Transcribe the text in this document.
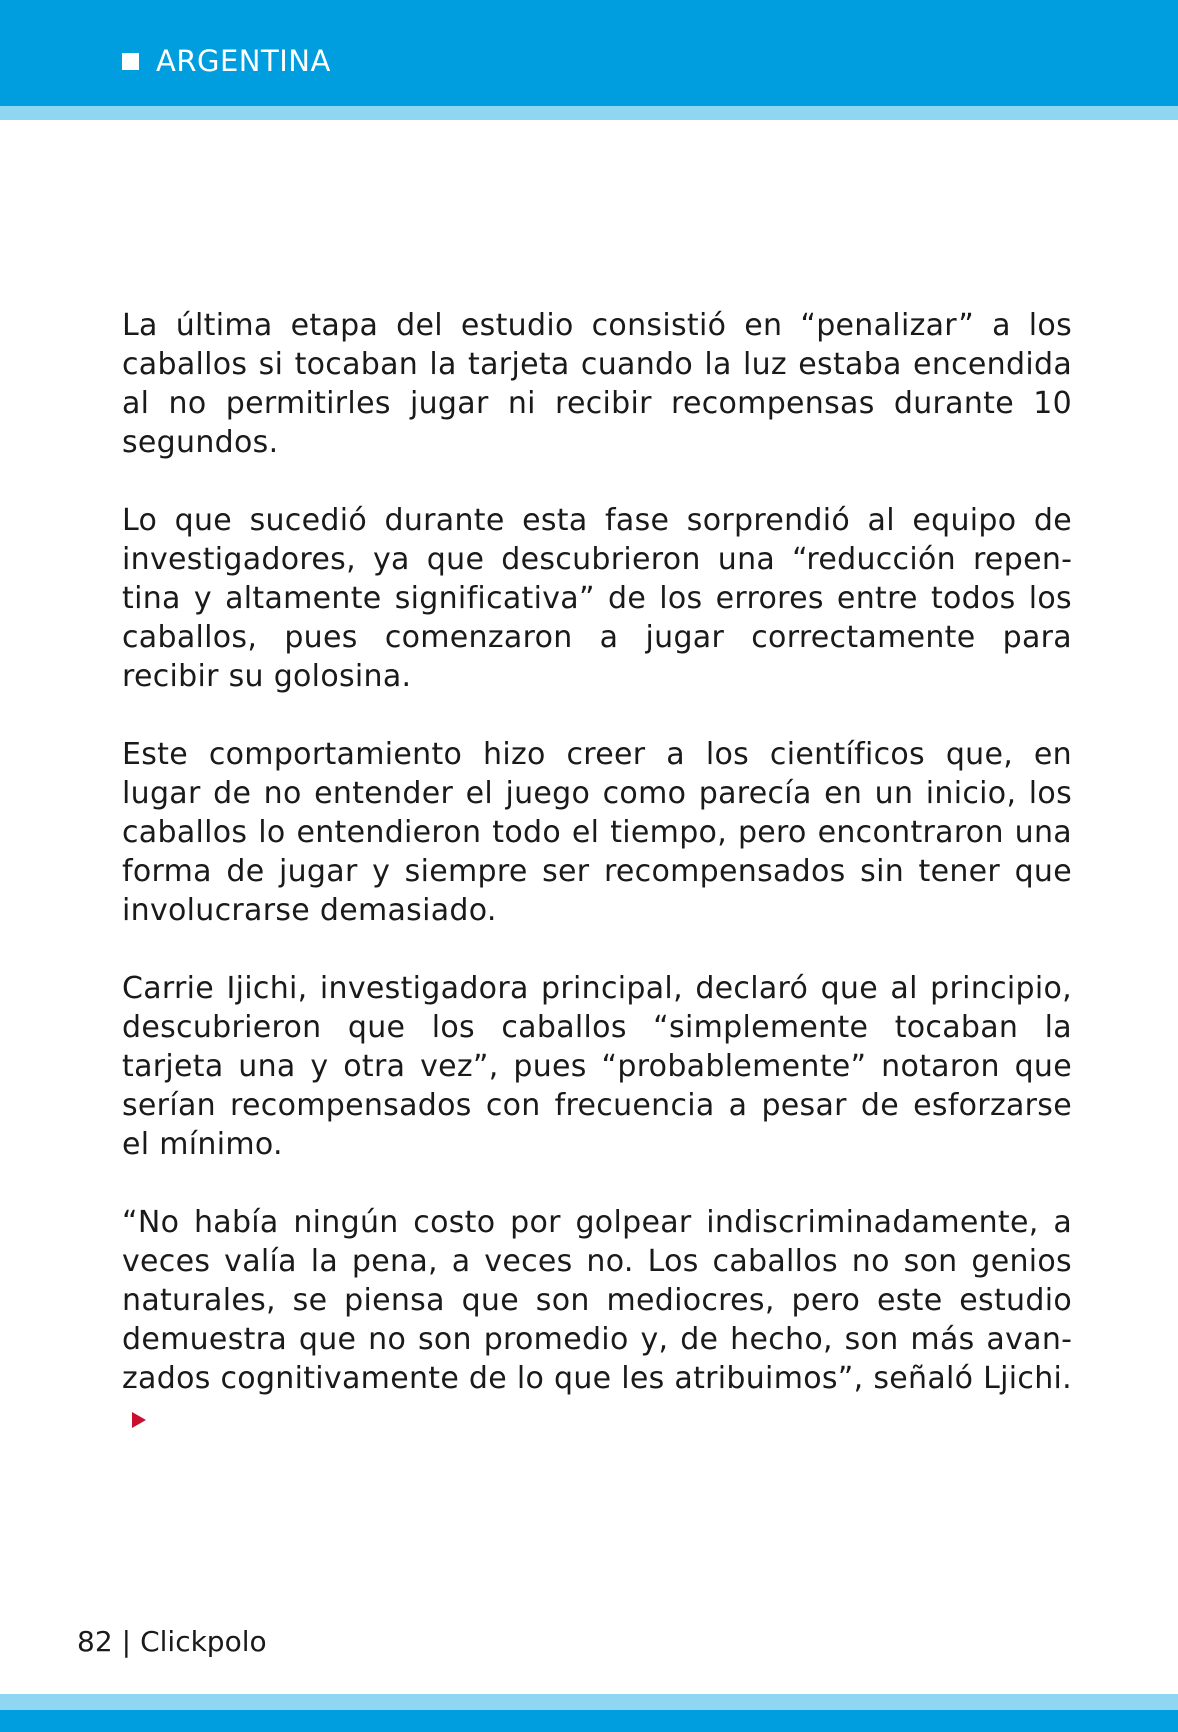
ARGENTINA

La última etapa del estudio consistió en “penalizar” a los caballos si tocaban la tarjeta cuando la luz estaba encendida al no permitirles jugar ni recibir recompensas durante 10 segundos.

Lo que sucedió durante esta fase sorprendió al equipo de investigadores, ya que descubrieron una “reducción repentina y altamente significativa” de los errores entre todos los caballos, pues comenzaron a jugar correctamente para recibir su golosina.

Este comportamiento hizo creer a los científicos que, en lugar de no entender el juego como parecía en un inicio, los caballos lo entendieron todo el tiempo, pero encontraron una forma de jugar y siempre ser recompensados sin tener que involucrarse demasiado.

Carrie Ijichi, investigadora principal, declaró que al principio, descubrieron que los caballos “simplemente tocaban la tarjeta una y otra vez”, pues “probablemente” notaron que serían recompensados con frecuencia a pesar de esforzarse el mínimo.

“No había ningún costo por golpear indiscriminadamente, a veces valía la pena, a veces no. Los caballos no son genios naturales, se piensa que son mediocres, pero este estudio demuestra que no son promedio y, de hecho, son más avanzados cognitivamente de lo que les atribuimos”, señaló Ljichi.

82 | Clickpolo
